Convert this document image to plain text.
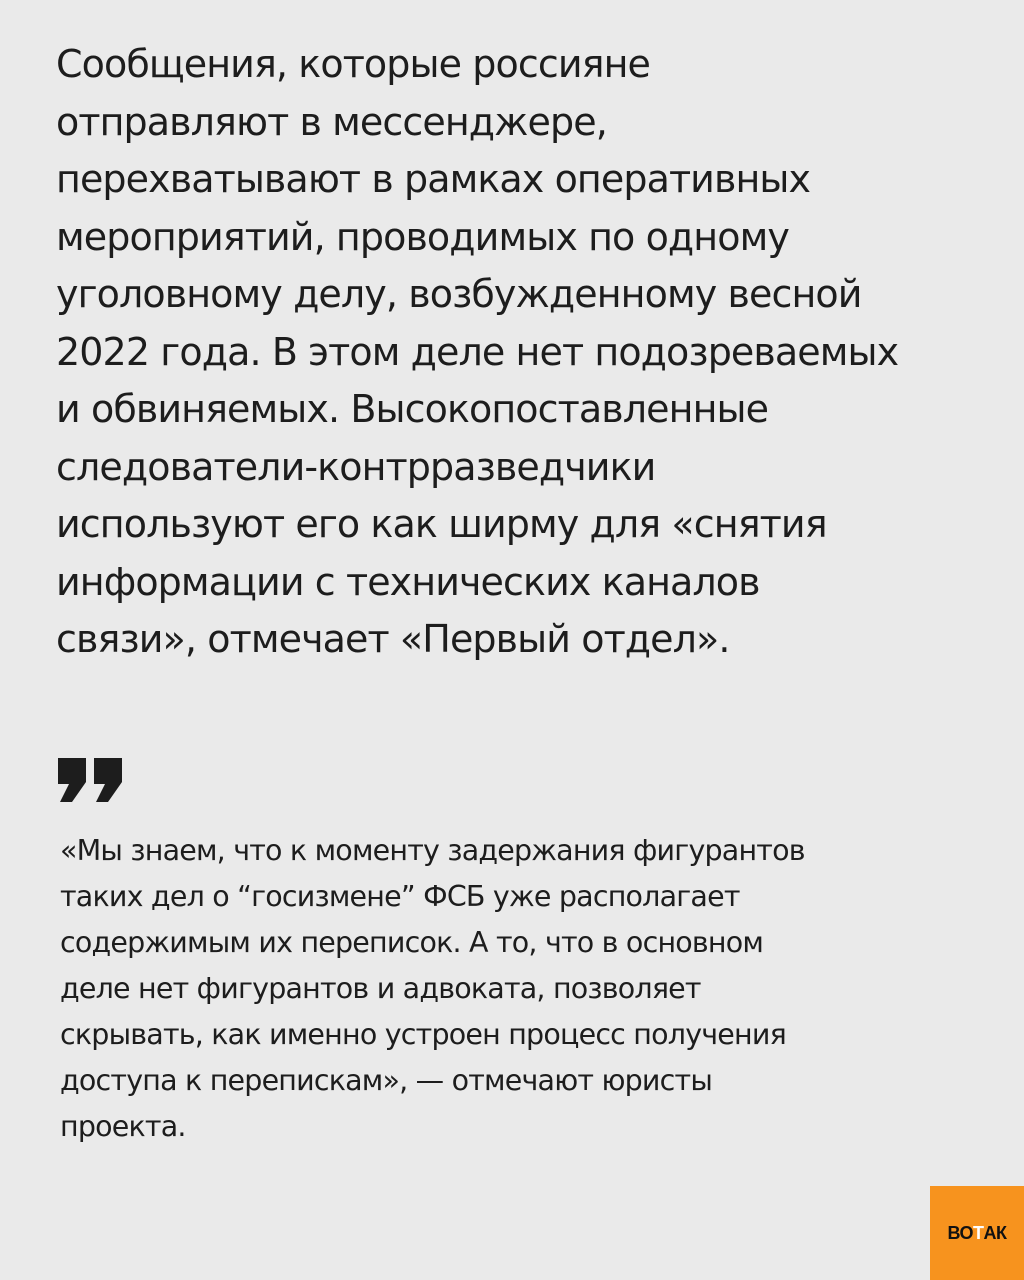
Сообщения, которые россияне
отправляют в мессенджере,
перехватывают в рамках оперативных
мероприятий, проводимых по одному
уголовному делу, возбужденному весной
2022 года. В этом деле нет подозреваемых
и обвиняемых. Высокопоставленные
следователи-контрразведчики
используют его как ширму для «снятия
информации с технических каналов
связи», отмечает «Первый отдел».

«Мы знаем, что к моменту задержания фигурантов
таких дел о “госизмене” ФСБ уже располагает
содержимым их переписок. А то, что в основном
деле нет фигурантов и адвоката, позволяет
скрывать, как именно устроен процесс получения
доступа к перепискам», — отмечают юристы
проекта.

ВО Т АК
